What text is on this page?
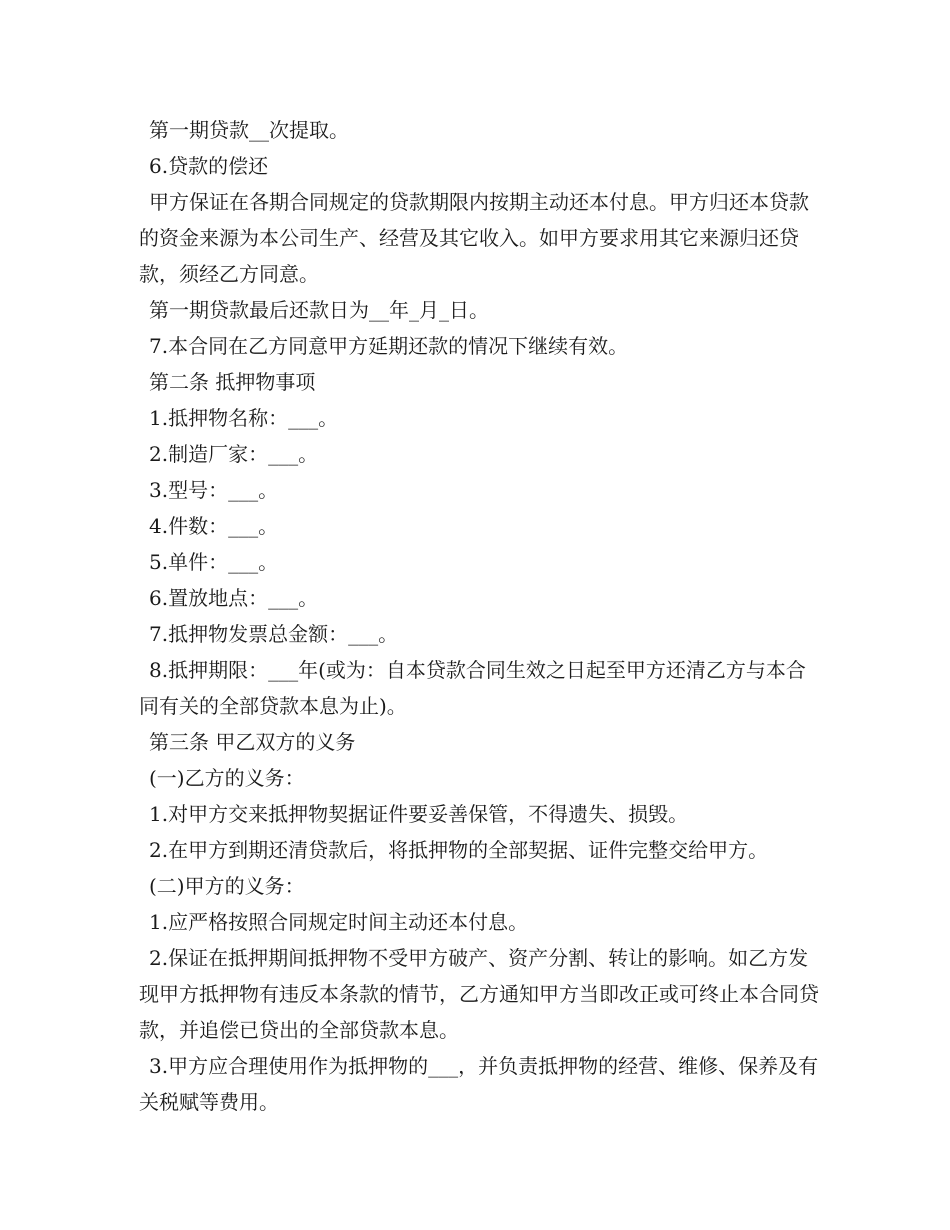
第一期贷款__次提取。

6.贷款的偿还

甲方保证在各期合同规定的贷款期限内按期主动还本付息。甲方归还本贷款的资金来源为本公司生产、经营及其它收入。如甲方要求用其它来源归还贷款，须经乙方同意。

第一期贷款最后还款日为__年_月_日。

7.本合同在乙方同意甲方延期还款的情况下继续有效。

第二条 抵押物事项

1.抵押物名称：___。

2.制造厂家：___。

3.型号：___。

4.件数：___。

5.单件：___。

6.置放地点：___。

7.抵押物发票总金额：___。

8.抵押期限：___年(或为：自本贷款合同生效之日起至甲方还清乙方与本合同有关的全部贷款本息为止)。

第三条 甲乙双方的义务

(一)乙方的义务：

1.对甲方交来抵押物契据证件要妥善保管，不得遗失、损毁。

2.在甲方到期还清贷款后，将抵押物的全部契据、证件完整交给甲方。

(二)甲方的义务：

1.应严格按照合同规定时间主动还本付息。

2.保证在抵押期间抵押物不受甲方破产、资产分割、转让的影响。如乙方发现甲方抵押物有违反本条款的情节，乙方通知甲方当即改正或可终止本合同贷款，并追偿已贷出的全部贷款本息。

3.甲方应合理使用作为抵押物的___，并负责抵押物的经营、维修、保养及有关税赋等费用。
